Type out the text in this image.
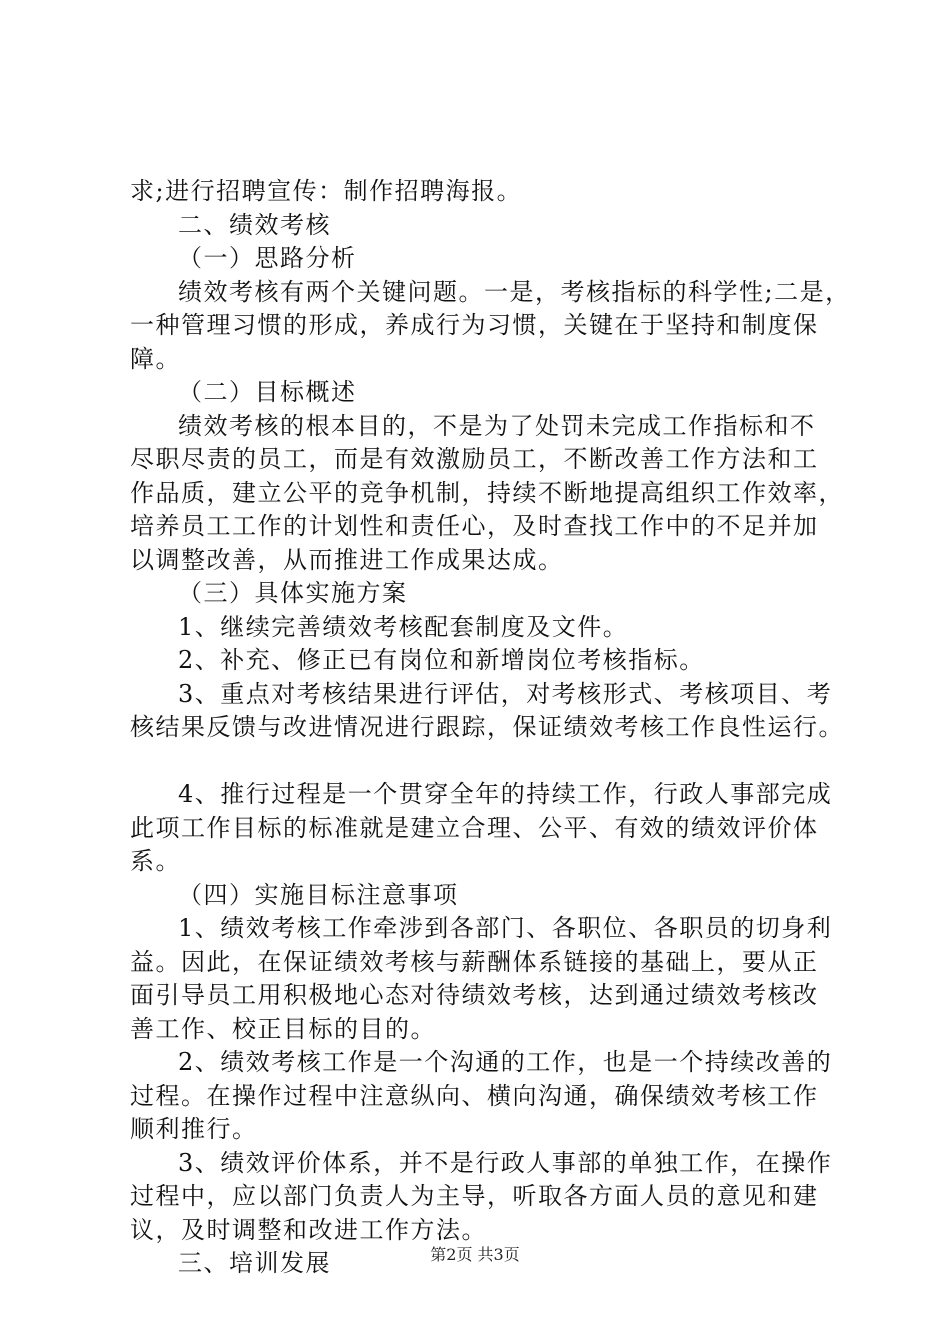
求;进行招聘宣传：制作招聘海报。
二、绩效考核
（一）思路分析
绩效考核有两个关键问题。一是，考核指标的科学性;二是，
一种管理习惯的形成，养成行为习惯，关键在于坚持和制度保
障。
（二）目标概述
绩效考核的根本目的，不是为了处罚未完成工作指标和不
尽职尽责的员工，而是有效激励员工，不断改善工作方法和工
作品质，建立公平的竞争机制，持续不断地提高组织工作效率，
培养员工工作的计划性和责任心，及时查找工作中的不足并加
以调整改善，从而推进工作成果达成。
（三）具体实施方案
1、继续完善绩效考核配套制度及文件。
2、补充、修正已有岗位和新增岗位考核指标。
3、重点对考核结果进行评估，对考核形式、考核项目、考
核结果反馈与改进情况进行跟踪，保证绩效考核工作良性运行。
4、推行过程是一个贯穿全年的持续工作，行政人事部完成
此项工作目标的标准就是建立合理、公平、有效的绩效评价体
系。
（四）实施目标注意事项
1、绩效考核工作牵涉到各部门、各职位、各职员的切身利
益。因此，在保证绩效考核与薪酬体系链接的基础上，要从正
面引导员工用积极地心态对待绩效考核，达到通过绩效考核改
善工作、校正目标的目的。
2、绩效考核工作是一个沟通的工作，也是一个持续改善的
过程。在操作过程中注意纵向、横向沟通，确保绩效考核工作
顺利推行。
3、绩效评价体系，并不是行政人事部的单独工作，在操作
过程中，应以部门负责人为主导，听取各方面人员的意见和建
议，及时调整和改进工作方法。
三、培训发展	第2页 共3页
